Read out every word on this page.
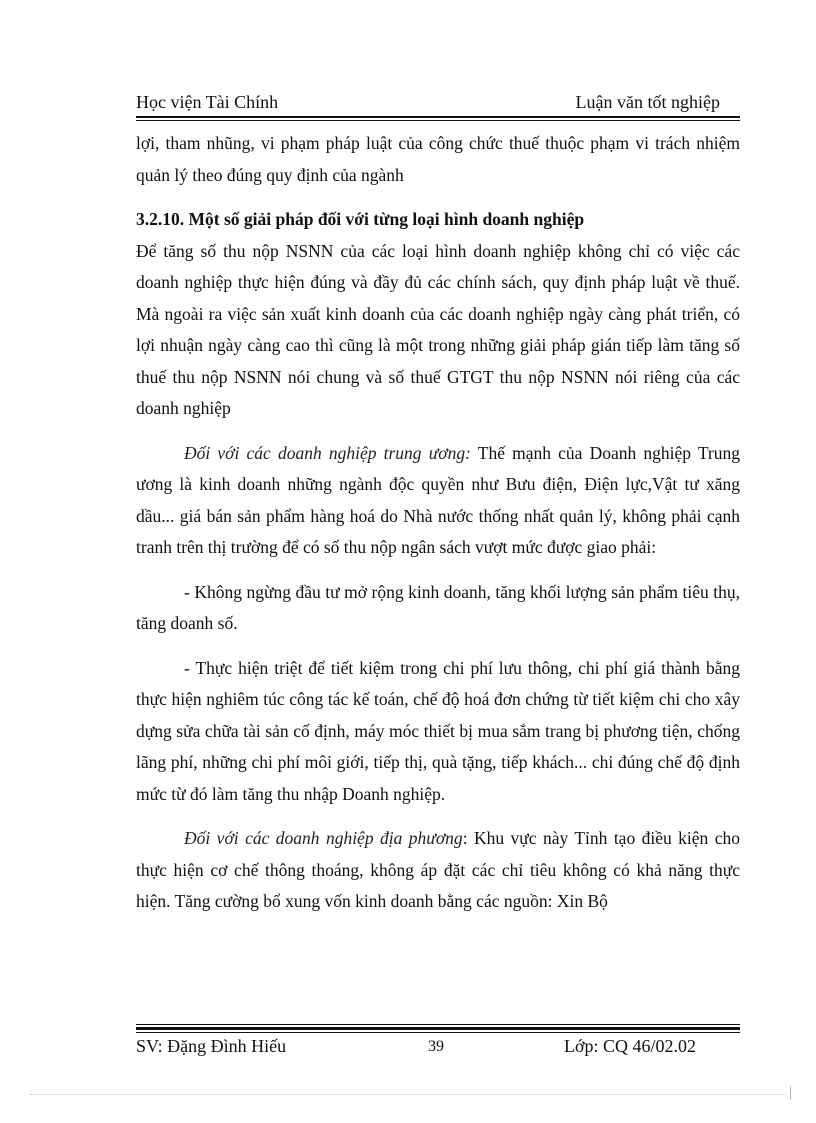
Học viện Tài Chính	Luận văn tốt nghiệp

lợi, tham nhũng, vi phạm pháp luật của công chức thuế thuộc phạm vi trách nhiệm quản lý theo đúng quy định của ngành

3.2.10. Một số giải pháp đối với từng loại hình doanh nghiệp

Để tăng số thu nộp NSNN của các loại hình doanh nghiệp không chỉ có việc các doanh nghiệp thực hiện đúng và đầy đủ các chính sách, quy định pháp luật về thuế. Mà ngoài ra việc sản xuất kinh doanh của các doanh nghiệp ngày càng phát triển, có lợi nhuận ngày càng cao thì cũng là một trong những giải pháp gián tiếp làm tăng số thuế thu nộp NSNN nói chung và số thuế GTGT thu nộp NSNN nói riêng của các doanh nghiệp

Đối với các doanh nghiệp trung ương: Thế mạnh của Doanh nghiệp Trung ương là kinh doanh những ngành độc quyền như Bưu điện, Điện lực,Vật tư xăng dầu... giá bán sản phẩm hàng hoá do Nhà nước thống nhất quản lý, không phải cạnh tranh trên thị trường để có số thu nộp ngân sách vượt mức được giao phải:

- Không ngừng đầu tư mở rộng kinh doanh, tăng khối lượng sản phẩm tiêu thụ, tăng doanh số.

- Thực hiện triệt để tiết kiệm trong chi phí lưu thông, chi phí giá thành bằng thực hiện nghiêm túc công tác kế toán, chế độ hoá đơn chứng từ tiết kiệm chi cho xây dựng sửa chữa tài sản cố định, máy móc thiết bị mua sắm trang bị phương tiện, chống lãng phí, những chi phí môi giới, tiếp thị, quà tặng, tiếp khách... chi đúng chế độ định mức từ đó làm tăng thu nhập Doanh nghiệp.

Đối với các doanh nghiệp địa phương: Khu vực này Tỉnh tạo điều kiện cho thực hiện cơ chế thông thoáng, không áp đặt các chỉ tiêu không có khả năng thực hiện. Tăng cường bổ xung vốn kinh doanh bằng các nguồn: Xin Bộ

SV: Đặng Đình Hiếu	39	Lớp: CQ 46/02.02
